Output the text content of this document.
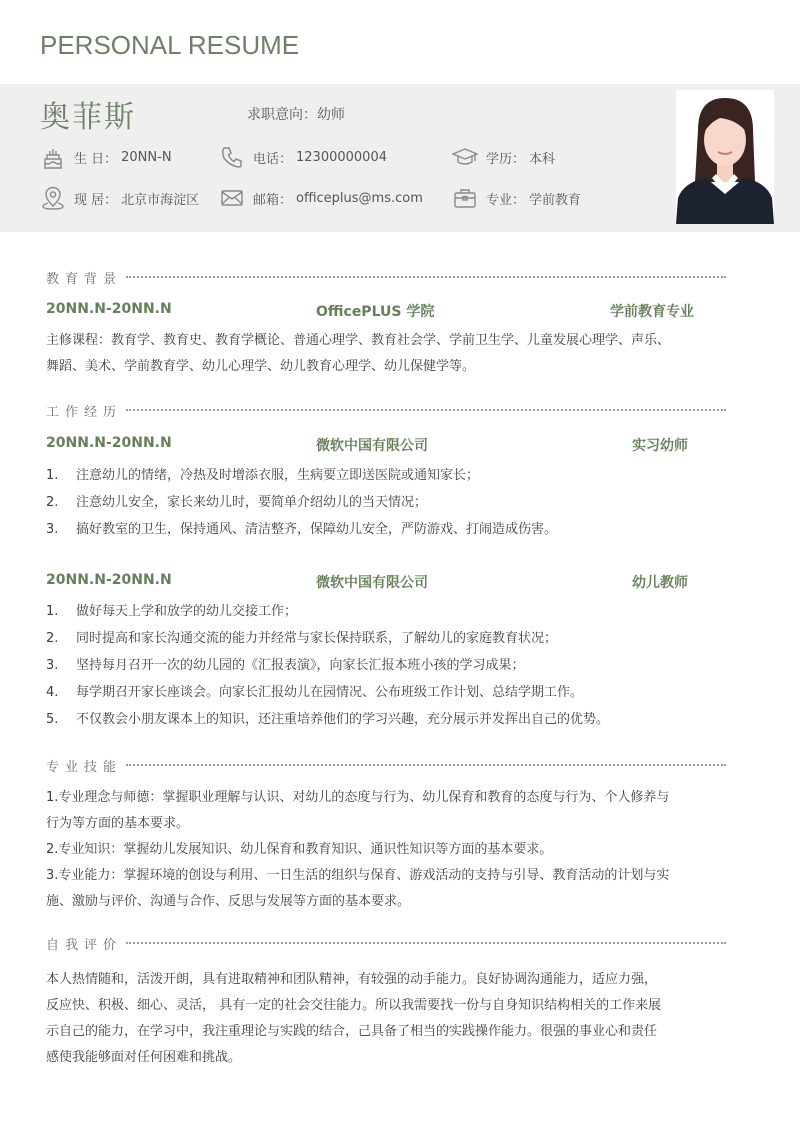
PERSONAL RESUME
奥菲斯	求职意向：幼师
生 日： 20NN-N	电话： 12300000004	学历： 本科
现 居： 北京市海淀区	邮箱： officeplus@ms.com	专业： 学前教育
教育背景
20NN.N-20NN.N	OfficePLUS 学院	学前教育专业
主修课程：教育学、教育史、教育学概论、普通心理学、教育社会学、学前卫生学、儿童发展心理学、声乐、
舞蹈、美术、学前教育学、幼儿心理学、幼儿教育心理学、幼儿保健学等。
工作经历
20NN.N-20NN.N	微软中国有限公司	实习幼师
1. 注意幼儿的情绪，冷热及时增添衣服，生病要立即送医院或通知家长；
2. 注意幼儿安全，家长来幼儿时，要简单介绍幼儿的当天情况；
3. 搞好教室的卫生，保持通风、清洁整齐，保障幼儿安全，严防游戏、打闹造成伤害。
20NN.N-20NN.N	微软中国有限公司	幼儿教师
1. 做好每天上学和放学的幼儿交接工作；
2. 同时提高和家长沟通交流的能力并经常与家长保持联系，了解幼儿的家庭教育状况；
3. 坚持每月召开一次的幼儿园的《汇报表演》，向家长汇报本班小孩的学习成果；
4. 每学期召开家长座谈会。向家长汇报幼儿在园情况、公布班级工作计划、总结学期工作。
5. 不仅教会小朋友课本上的知识，还注重培养他们的学习兴趣，充分展示并发挥出自己的优势。
专业技能
1.专业理念与师德：掌握职业理解与认识、对幼儿的态度与行为、幼儿保育和教育的态度与行为、个人修养与
行为等方面的基本要求。
2.专业知识：掌握幼儿发展知识、幼儿保育和教育知识、通识性知识等方面的基本要求。
3.专业能力：掌握环境的创设与利用、一日生活的组织与保育、游戏活动的支持与引导、教育活动的计划与实
施、激励与评价、沟通与合作、反思与发展等方面的基本要求。
自我评价
本人热情随和，活泼开朗，具有进取精神和团队精神，有较强的动手能力。良好协调沟通能力，适应力强，
反应快、积极、细心、灵活， 具有一定的社会交往能力。所以我需要找一份与自身知识结构相关的工作来展
示自己的能力，在学习中，我注重理论与实践的结合，己具备了相当的实践操作能力。很强的事业心和责任
感使我能够面对任何困难和挑战。
